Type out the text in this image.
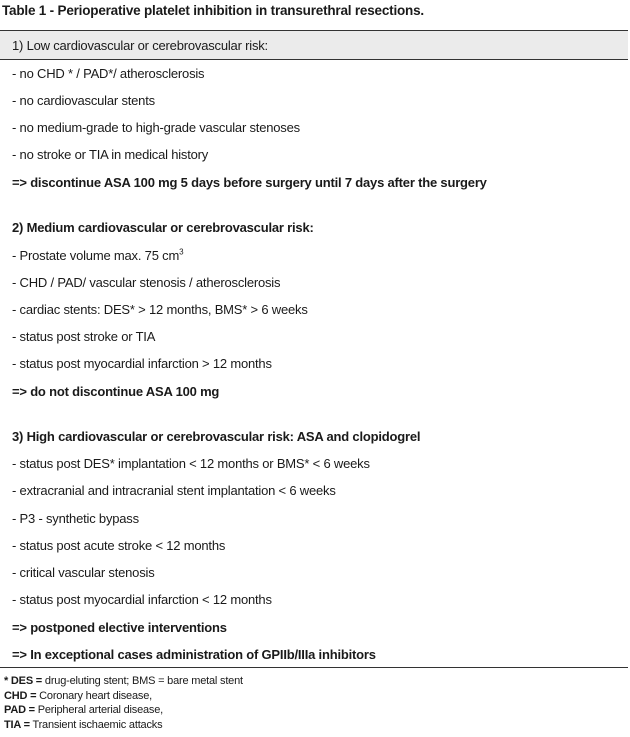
Table 1 - Perioperative platelet inhibition in transurethral resections.
1) Low cardiovascular or cerebrovascular risk:
- no CHD * / PAD*/ atherosclerosis
- no cardiovascular stents
- no medium-grade to high-grade vascular stenoses
- no stroke or TIA in medical history
=> discontinue ASA 100 mg 5 days before surgery until 7 days after the surgery
2) Medium cardiovascular or cerebrovascular risk:
- Prostate volume max. 75 $cm^3$
- CHD / PAD/ vascular stenosis / atherosclerosis
- cardiac stents: DES* > 12 months, BMS* > 6 weeks
- status post stroke or TIA
- status post myocardial infarction > 12 months
=> do not discontinue ASA 100 mg
3) High cardiovascular or cerebrovascular risk: ASA and clopidogrel
- status post DES* implantation < 12 months or BMS* < 6 weeks
- extracranial and intracranial stent implantation < 6 weeks
- P3 - synthetic bypass
- status post acute stroke < 12 months
- critical vascular stenosis
- status post myocardial infarction < 12 months
=> postponed elective interventions
=> In exceptional cases administration of GPIIb/IIIa inhibitors
* DES = drug-eluting stent; BMS = bare metal stent
CHD = Coronary heart disease,
PAD = Peripheral arterial disease,
TIA = Transient ischaemic attacks
